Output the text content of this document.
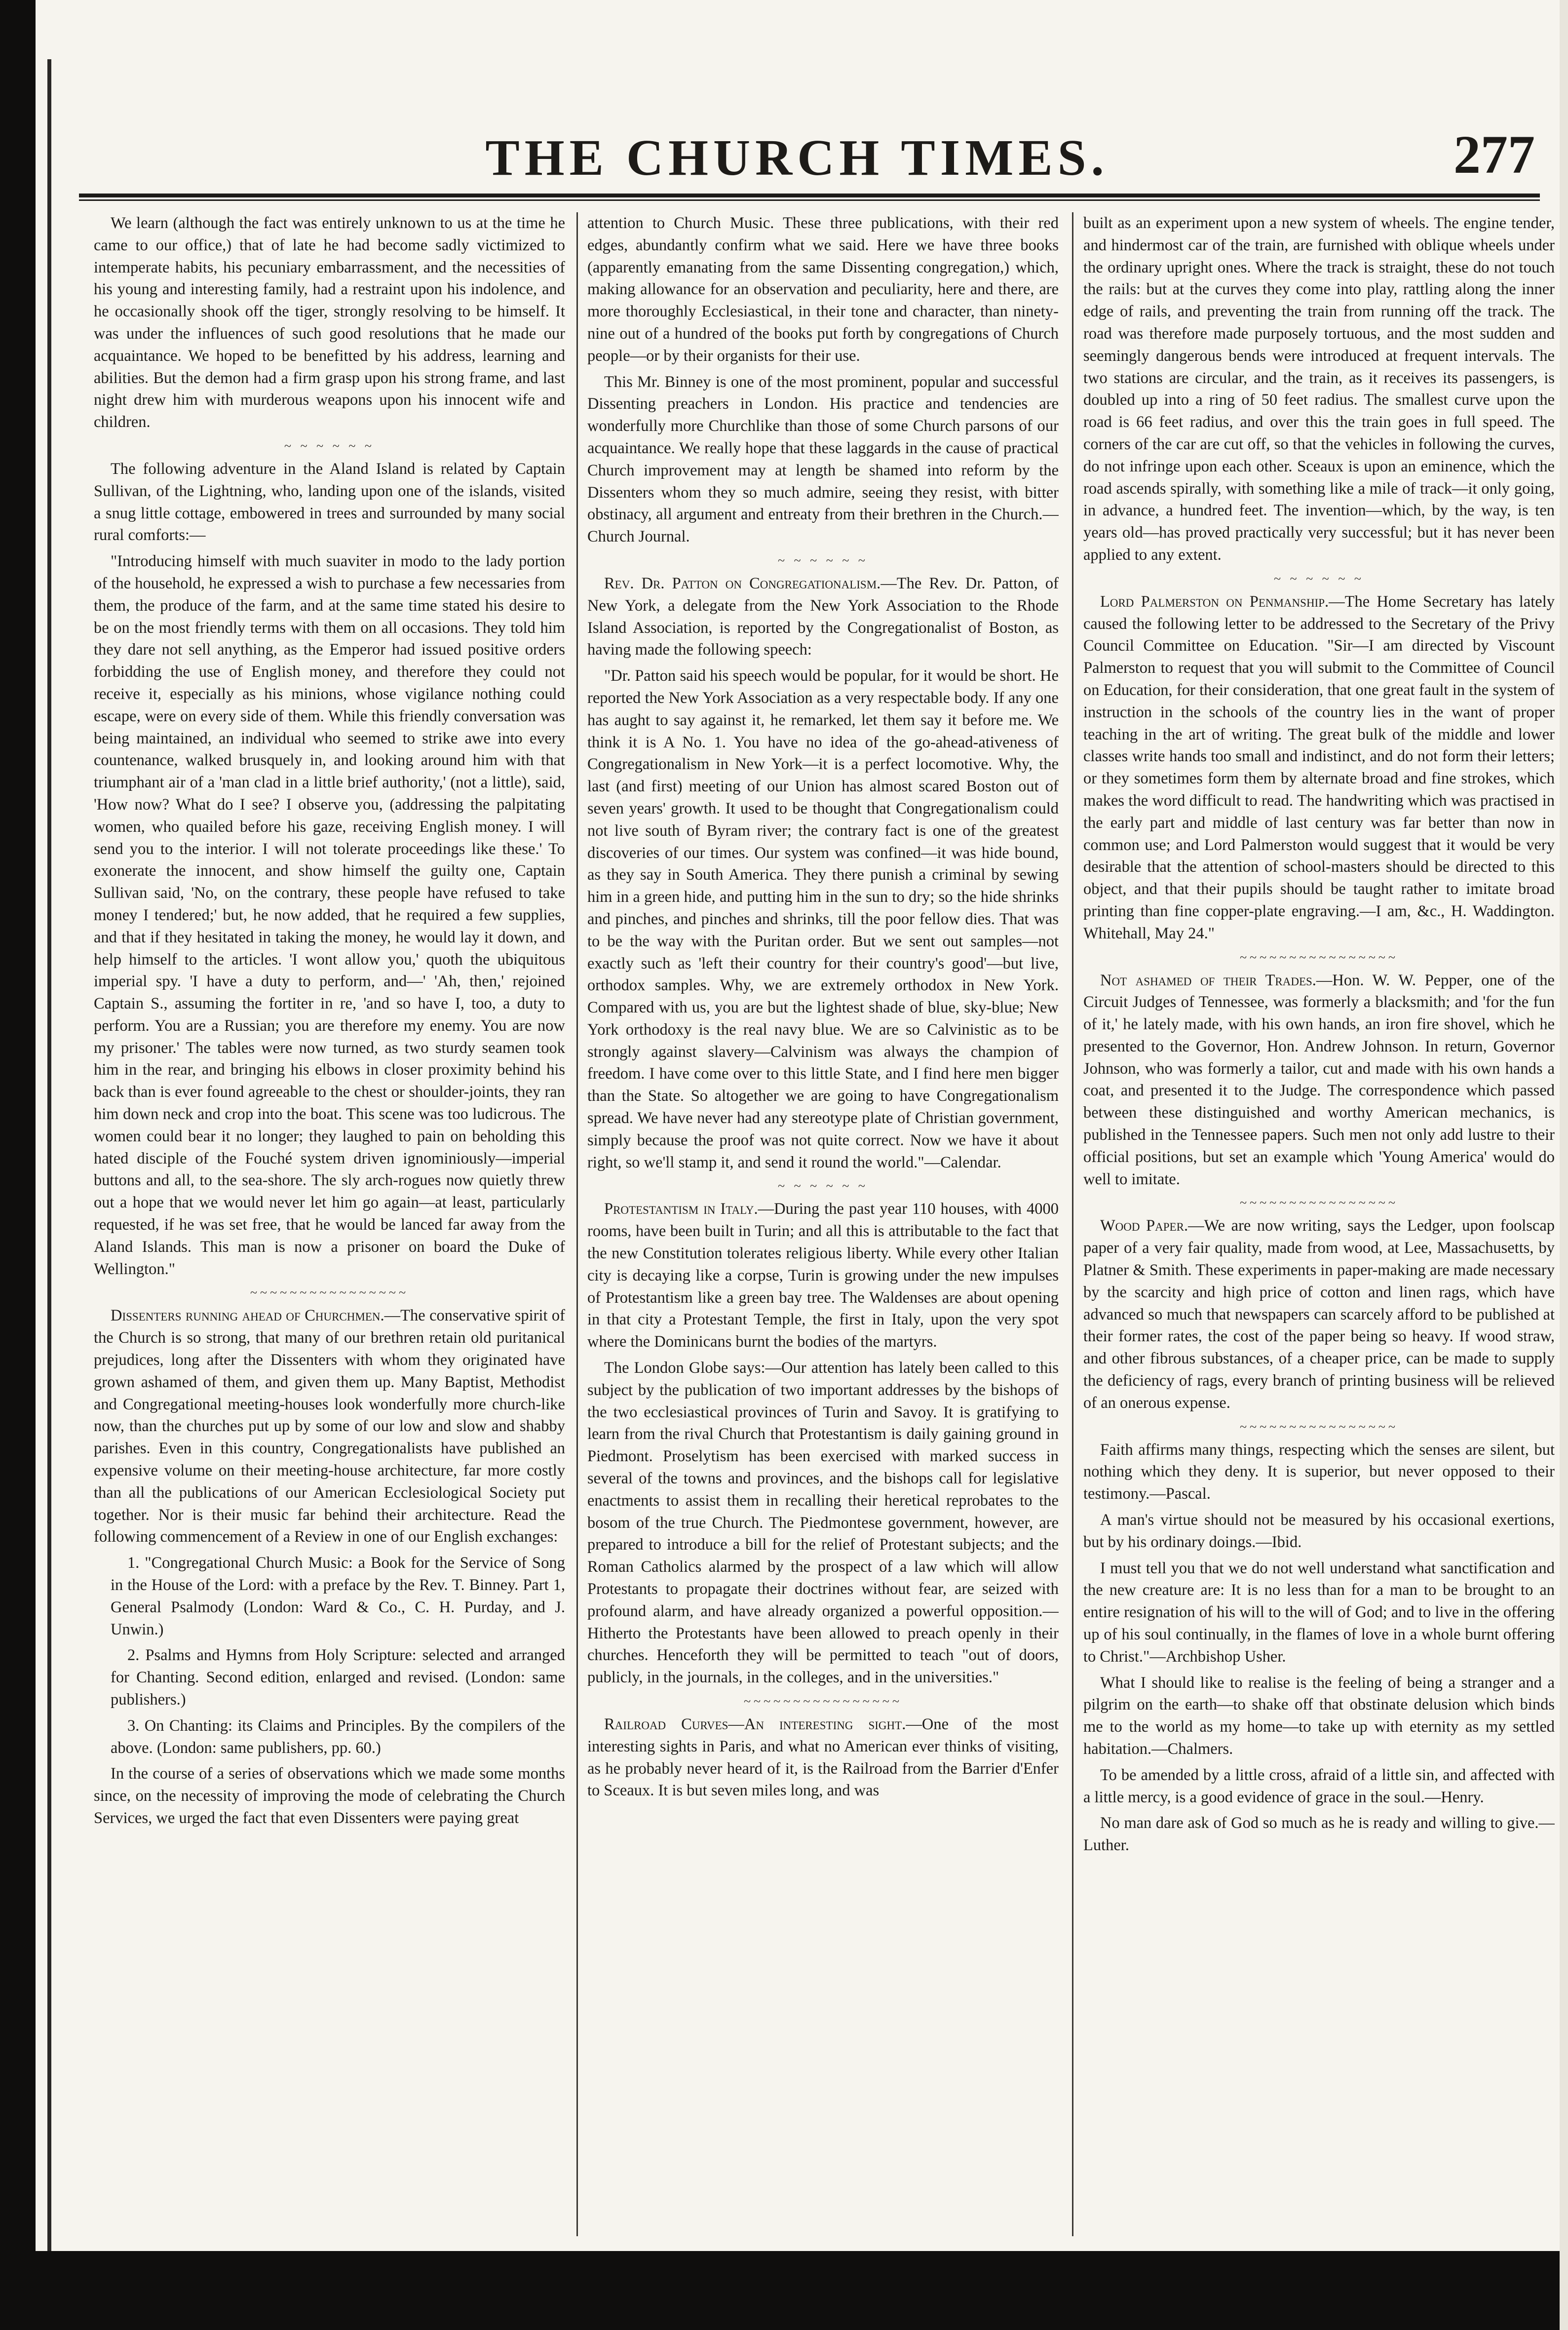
THE CHURCH TIMES.	277

We learn (although the fact was entirely unknown to us at the time he came to our office,) that of late he had become sadly victimized to intemperate habits, his pecuniary embarrassment, and the necessities of his young and interesting family, had a restraint upon his indolence, and he occasionally shook off the tiger, strongly resolving to be himself. It was under the influences of such good resolutions that he made our acquaintance. We hoped to be benefitted by his address, learning and abilities. But the demon had a firm grasp upon his strong frame, and last night drew him with murderous weapons upon his innocent wife and children.

~ ~ ~ ~ ~ ~

The following adventure in the Aland Island is related by Captain Sullivan, of the Lightning, who, landing upon one of the islands, visited a snug little cottage, embowered in trees and surrounded by many social rural comforts:—

"Introducing himself with much suaviter in modo to the lady portion of the household, he expressed a wish to purchase a few necessaries from them, the produce of the farm, and at the same time stated his desire to be on the most friendly terms with them on all occasions. They told him they dare not sell anything, as the Emperor had issued positive orders forbidding the use of English money, and therefore they could not receive it, especially as his minions, whose vigilance nothing could escape, were on every side of them. While this friendly conversation was being maintained, an individual who seemed to strike awe into every countenance, walked brusquely in, and looking around him with that triumphant air of a 'man clad in a little brief authority,' (not a little), said, 'How now? What do I see? I observe you, (addressing the palpitating women, who quailed before his gaze, receiving English money. I will send you to the interior. I will not tolerate proceedings like these.' To exonerate the innocent, and show himself the guilty one, Captain Sullivan said, 'No, on the contrary, these people have refused to take money I tendered;' but, he now added, that he required a few supplies, and that if they hesitated in taking the money, he would lay it down, and help himself to the articles. 'I wont allow you,' quoth the ubiquitous imperial spy. 'I have a duty to perform, and—' 'Ah, then,' rejoined Captain S., assuming the fortiter in re, 'and so have I, too, a duty to perform. You are a Russian; you are therefore my enemy. You are now my prisoner.' The tables were now turned, as two sturdy seamen took him in the rear, and bringing his elbows in closer proximity behind his back than is ever found agreeable to the chest or shoulder-joints, they ran him down neck and crop into the boat. This scene was too ludicrous. The women could bear it no longer; they laughed to pain on beholding this hated disciple of the Fouché system driven ignominiously—imperial buttons and all, to the sea-shore. The sly arch-rogues now quietly threw out a hope that we would never let him go again—at least, particularly requested, if he was set free, that he would be lanced far away from the Aland Islands. This man is now a prisoner on board the Duke of Wellington."

~~~~~~~~~~~~~~~~

Dissenters running ahead of Churchmen.—The conservative spirit of the Church is so strong, that many of our brethren retain old puritanical prejudices, long after the Dissenters with whom they originated have grown ashamed of them, and given them up. Many Baptist, Methodist and Congregational meeting-houses look wonderfully more church-like now, than the churches put up by some of our low and slow and shabby parishes. Even in this country, Congregationalists have published an expensive volume on their meeting-house architecture, far more costly than all the publications of our American Ecclesiological Society put together. Nor is their music far behind their architecture. Read the following commencement of a Review in one of our English exchanges:

1. "Congregational Church Music: a Book for the Service of Song in the House of the Lord: with a preface by the Rev. T. Binney. Part 1, General Psalmody (London: Ward & Co., C. H. Purday, and J. Unwin.)

2. Psalms and Hymns from Holy Scripture: selected and arranged for Chanting. Second edition, enlarged and revised. (London: same publishers.)

3. On Chanting: its Claims and Principles. By the compilers of the above. (London: same publishers, pp. 60.)

In the course of a series of observations which we made some months since, on the necessity of improving the mode of celebrating the Church Services, we urged the fact that even Dissenters were paying great

attention to Church Music. These three publications, with their red edges, abundantly confirm what we said. Here we have three books (apparently emanating from the same Dissenting congregation,) which, making allowance for an observation and peculiarity, here and there, are more thoroughly Ecclesiastical, in their tone and character, than ninety-nine out of a hundred of the books put forth by congregations of Church people—or by their organists for their use.

This Mr. Binney is one of the most prominent, popular and successful Dissenting preachers in London. His practice and tendencies are wonderfully more Churchlike than those of some Church parsons of our acquaintance. We really hope that these laggards in the cause of practical Church improvement may at length be shamed into reform by the Dissenters whom they so much admire, seeing they resist, with bitter obstinacy, all argument and entreaty from their brethren in the Church.—Church Journal.

~ ~ ~ ~ ~ ~

Rev. Dr. Patton on Congregationalism.—The Rev. Dr. Patton, of New York, a delegate from the New York Association to the Rhode Island Association, is reported by the Congregationalist of Boston, as having made the following speech:

"Dr. Patton said his speech would be popular, for it would be short. He reported the New York Association as a very respectable body. If any one has aught to say against it, he remarked, let them say it before me. We think it is A No. 1. You have no idea of the go-ahead-ativeness of Congregationalism in New York—it is a perfect locomotive. Why, the last (and first) meeting of our Union has almost scared Boston out of seven years' growth. It used to be thought that Congregationalism could not live south of Byram river; the contrary fact is one of the greatest discoveries of our times. Our system was confined—it was hide bound, as they say in South America. They there punish a criminal by sewing him in a green hide, and putting him in the sun to dry; so the hide shrinks and pinches, and pinches and shrinks, till the poor fellow dies. That was to be the way with the Puritan order. But we sent out samples—not exactly such as 'left their country for their country's good'—but live, orthodox samples. Why, we are extremely orthodox in New York. Compared with us, you are but the lightest shade of blue, sky-blue; New York orthodoxy is the real navy blue. We are so Calvinistic as to be strongly against slavery—Calvinism was always the champion of freedom. I have come over to this little State, and I find here men bigger than the State. So altogether we are going to have Congregationalism spread. We have never had any stereotype plate of Christian government, simply because the proof was not quite correct. Now we have it about right, so we'll stamp it, and send it round the world."—Calendar.

~ ~ ~ ~ ~ ~

Protestantism in Italy.—During the past year 110 houses, with 4000 rooms, have been built in Turin; and all this is attributable to the fact that the new Constitution tolerates religious liberty. While every other Italian city is decaying like a corpse, Turin is growing under the new impulses of Protestantism like a green bay tree. The Waldenses are about opening in that city a Protestant Temple, the first in Italy, upon the very spot where the Dominicans burnt the bodies of the martyrs.

The London Globe says:—Our attention has lately been called to this subject by the publication of two important addresses by the bishops of the two ecclesiastical provinces of Turin and Savoy. It is gratifying to learn from the rival Church that Protestantism is daily gaining ground in Piedmont. Proselytism has been exercised with marked success in several of the towns and provinces, and the bishops call for legislative enactments to assist them in recalling their heretical reprobates to the bosom of the true Church. The Piedmontese government, however, are prepared to introduce a bill for the relief of Protestant subjects; and the Roman Catholics alarmed by the prospect of a law which will allow Protestants to propagate their doctrines without fear, are seized with profound alarm, and have already organized a powerful opposition.—Hitherto the Protestants have been allowed to preach openly in their churches. Henceforth they will be permitted to teach "out of doors, publicly, in the journals, in the colleges, and in the universities."

~~~~~~~~~~~~~~~~

Railroad Curves—An interesting sight.—One of the most interesting sights in Paris, and what no American ever thinks of visiting, as he probably never heard of it, is the Railroad from the Barrier d'Enfer to Sceaux. It is but seven miles long, and was

built as an experiment upon a new system of wheels. The engine tender, and hindermost car of the train, are furnished with oblique wheels under the ordinary upright ones. Where the track is straight, these do not touch the rails: but at the curves they come into play, rattling along the inner edge of rails, and preventing the train from running off the track. The road was therefore made purposely tortuous, and the most sudden and seemingly dangerous bends were introduced at frequent intervals. The two stations are circular, and the train, as it receives its passengers, is doubled up into a ring of 50 feet radius. The smallest curve upon the road is 66 feet radius, and over this the train goes in full speed. The corners of the car are cut off, so that the vehicles in following the curves, do not infringe upon each other. Sceaux is upon an eminence, which the road ascends spirally, with something like a mile of track—it only going, in advance, a hundred feet. The invention—which, by the way, is ten years old—has proved practically very successful; but it has never been applied to any extent.

~ ~ ~ ~ ~ ~

Lord Palmerston on Penmanship.—The Home Secretary has lately caused the following letter to be addressed to the Secretary of the Privy Council Committee on Education. "Sir—I am directed by Viscount Palmerston to request that you will submit to the Committee of Council on Education, for their consideration, that one great fault in the system of instruction in the schools of the country lies in the want of proper teaching in the art of writing. The great bulk of the middle and lower classes write hands too small and indistinct, and do not form their letters; or they sometimes form them by alternate broad and fine strokes, which makes the word difficult to read. The handwriting which was practised in the early part and middle of last century was far better than now in common use; and Lord Palmerston would suggest that it would be very desirable that the attention of school-masters should be directed to this object, and that their pupils should be taught rather to imitate broad printing than fine copper-plate engraving.—I am, &c., H. Waddington. Whitehall, May 24."

~~~~~~~~~~~~~~~~

Not ashamed of their Trades.—Hon. W. W. Pepper, one of the Circuit Judges of Tennessee, was formerly a blacksmith; and 'for the fun of it,' he lately made, with his own hands, an iron fire shovel, which he presented to the Governor, Hon. Andrew Johnson. In return, Governor Johnson, who was formerly a tailor, cut and made with his own hands a coat, and presented it to the Judge. The correspondence which passed between these distinguished and worthy American mechanics, is published in the Tennessee papers. Such men not only add lustre to their official positions, but set an example which 'Young America' would do well to imitate.

~~~~~~~~~~~~~~~~

Wood Paper.—We are now writing, says the Ledger, upon foolscap paper of a very fair quality, made from wood, at Lee, Massachusetts, by Platner & Smith. These experiments in paper-making are made necessary by the scarcity and high price of cotton and linen rags, which have advanced so much that newspapers can scarcely afford to be published at their former rates, the cost of the paper being so heavy. If wood straw, and other fibrous substances, of a cheaper price, can be made to supply the deficiency of rags, every branch of printing business will be relieved of an onerous expense.

~~~~~~~~~~~~~~~~

Faith affirms many things, respecting which the senses are silent, but nothing which they deny. It is superior, but never opposed to their testimony.—Pascal.

A man's virtue should not be measured by his occasional exertions, but by his ordinary doings.—Ibid.

I must tell you that we do not well understand what sanctification and the new creature are: It is no less than for a man to be brought to an entire resignation of his will to the will of God; and to live in the offering up of his soul continually, in the flames of love in a whole burnt offering to Christ."—Archbishop Usher.

What I should like to realise is the feeling of being a stranger and a pilgrim on the earth—to shake off that obstinate delusion which binds me to the world as my home—to take up with eternity as my settled habitation.—Chalmers.

To be amended by a little cross, afraid of a little sin, and affected with a little mercy, is a good evidence of grace in the soul.—Henry.

No man dare ask of God so much as he is ready and willing to give.—Luther.
